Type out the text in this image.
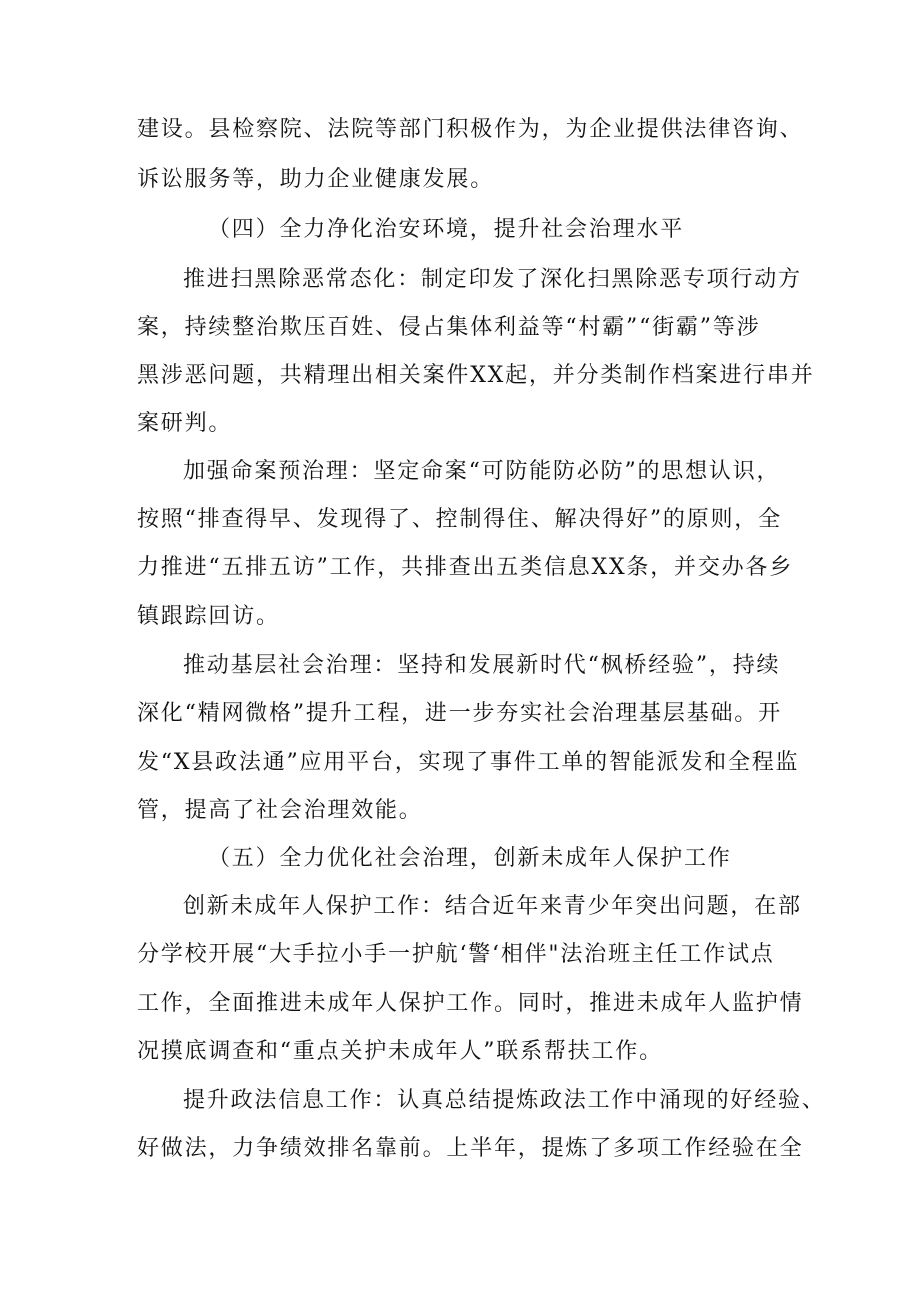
建设。县检察院、法院等部门积极作为，为企业提供法律咨询、
诉讼服务等，助力企业健康发展。
（四）全力净化治安环境，提升社会治理水平
推进扫黑除恶常态化：制定印发了深化扫黑除恶专项行动方
案，持续整治欺压百姓、侵占集体利益等“村霸”“街霸”等涉
黑涉恶问题，共精理出相关案件XX起，并分类制作档案进行串并
案研判。
加强命案预治理：坚定命案“可防能防必防”的思想认识，
按照“排查得早、发现得了、控制得住、解决得好”的原则，全
力推进“五排五访”工作，共排查出五类信息XX条，并交办各乡
镇跟踪回访。
推动基层社会治理：坚持和发展新时代“枫桥经验”，持续
深化“精网微格”提升工程，进一步夯实社会治理基层基础。开
发“X县政法通”应用平台，实现了事件工单的智能派发和全程监
管，提高了社会治理效能。
（五）全力优化社会治理，创新未成年人保护工作
创新未成年人保护工作：结合近年来青少年突出问题，在部
分学校开展“大手拉小手一护航‘警‘相伴"法治班主任工作试点
工作，全面推进未成年人保护工作。同时，推进未成年人监护情
况摸底调查和“重点关护未成年人”联系帮扶工作。
提升政法信息工作：认真总结提炼政法工作中涌现的好经验、
好做法，力争绩效排名靠前。上半年，提炼了多项工作经验在全
